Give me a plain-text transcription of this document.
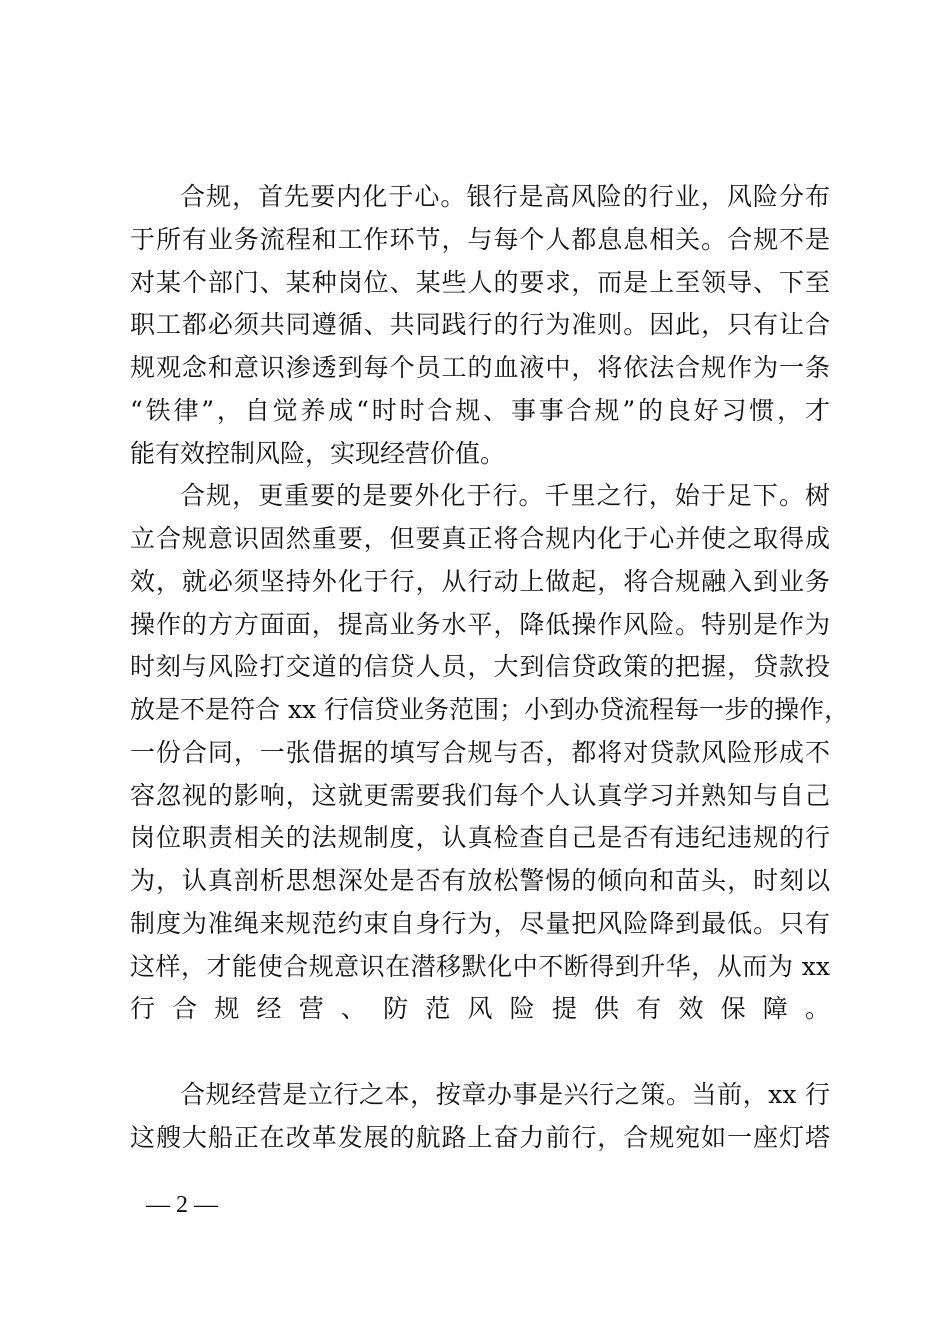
合规，首先要内化于心。银行是高风险的行业，风险分布
于所有业务流程和工作环节，与每个人都息息相关。合规不是
对某个部门、某种岗位、某些人的要求，而是上至领导、下至
职工都必须共同遵循、共同践行的行为准则。因此，只有让合
规观念和意识渗透到每个员工的血液中，将依法合规作为一条
“铁律”，自觉养成“时时合规、事事合规”的良好习惯，才
能有效控制风险，实现经营价值。
合规，更重要的是要外化于行。千里之行，始于足下。树
立合规意识固然重要，但要真正将合规内化于心并使之取得成
效，就必须坚持外化于行，从行动上做起，将合规融入到业务
操作的方方面面，提高业务水平，降低操作风险。特别是作为
时刻与风险打交道的信贷人员，大到信贷政策的把握，贷款投
放是不是符合 xx 行信贷业务范围；小到办贷流程每一步的操作，
一份合同，一张借据的填写合规与否，都将对贷款风险形成不
容忽视的影响，这就更需要我们每个人认真学习并熟知与自己
岗位职责相关的法规制度，认真检查自己是否有违纪违规的行
为，认真剖析思想深处是否有放松警惕的倾向和苗头，时刻以
制度为准绳来规范约束自身行为，尽量把风险降到最低。只有
这样，才能使合规意识在潜移默化中不断得到升华，从而为 xx
行合规经营、防范风险提供有效保障。
合规经营是立行之本，按章办事是兴行之策。当前，xx 行
这艘大船正在改革发展的航路上奋力前行，合规宛如一座灯塔
— 2 —
